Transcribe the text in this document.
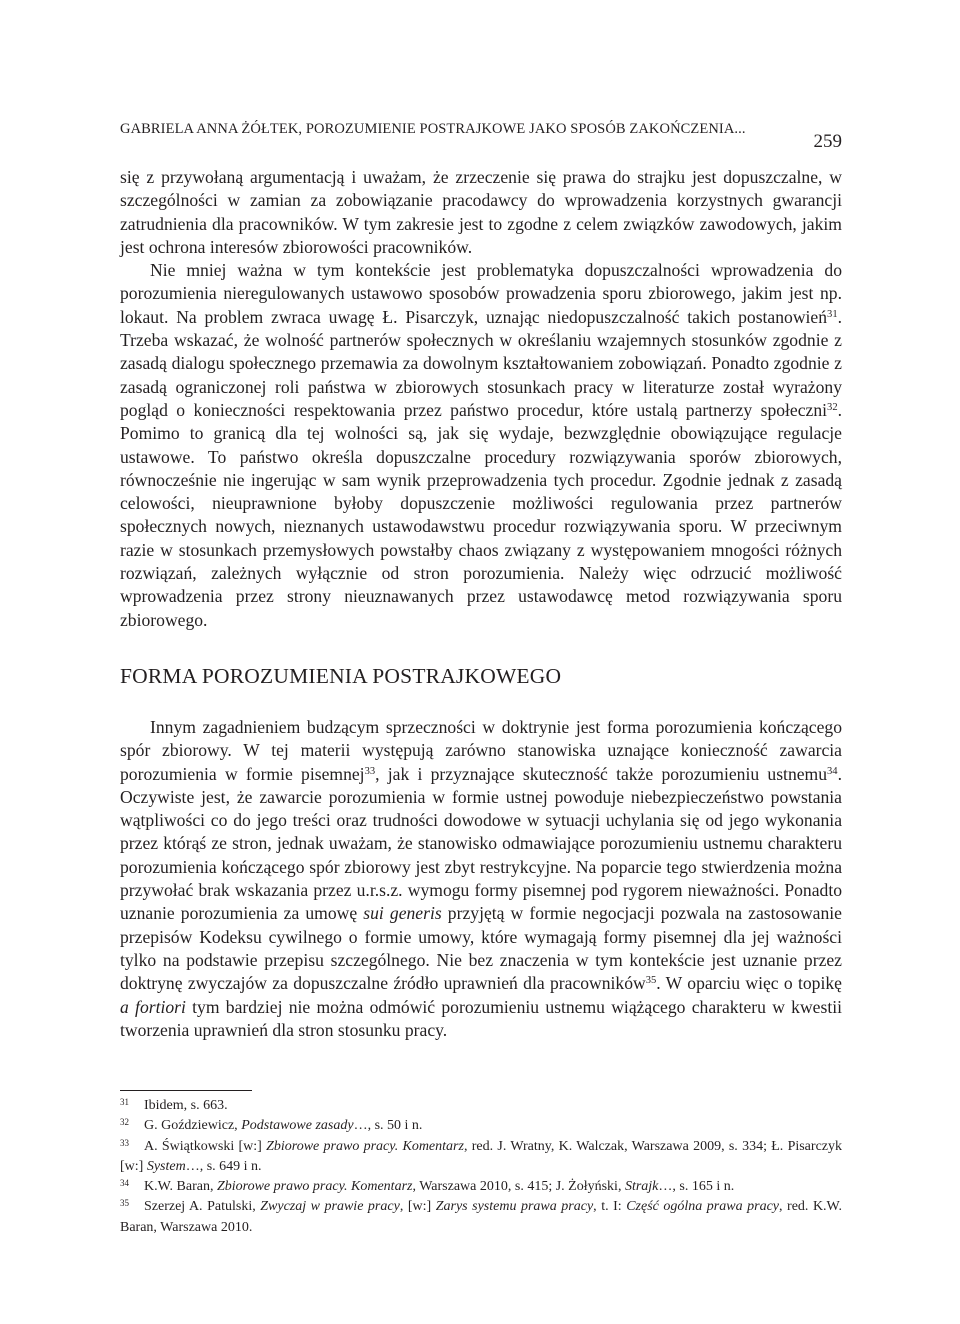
GABRIELA ANNA ŻÓŁTEK, POROZUMIENIE POSTRAJKOWE JAKO SPOSÓB ZAKOŃCZENIA...
259

się z przywołaną argumentacją i uważam, że zrzeczenie się prawa do strajku jest dopuszczalne, w szczególności w zamian za zobowiązanie pracodawcy do wprowadzenia korzystnych gwarancji zatrudnienia dla pracowników. W tym zakresie jest to zgodne z celem związków zawodowych, jakim jest ochrona interesów zbiorowości pracowników.

Nie mniej ważna w tym kontekście jest problematyka dopuszczalności wprowadzenia do porozumienia nieregulowanych ustawowo sposobów prowadzenia sporu zbiorowego, jakim jest np. lokaut. Na problem zwraca uwagę Ł. Pisarczyk, uznając niedopuszczalność takich postanowień$^{31}$. Trzeba wskazać, że wolność partnerów społecznych w określaniu wzajemnych stosunków zgodnie z zasadą dialogu społecznego przemawia za dowolnym kształtowaniem zobowiązań. Ponadto zgodnie z zasadą ograniczonej roli państwa w zbiorowych stosunkach pracy w literaturze został wyrażony pogląd o konieczności respektowania przez państwo procedur, które ustalą partnerzy społeczni$^{32}$. Pomimo to granicą dla tej wolności są, jak się wydaje, bezwzględnie obowiązujące regulacje ustawowe. To państwo określa dopuszczalne procedury rozwiązywania sporów zbiorowych, równocześnie nie ingerując w sam wynik przeprowadzenia tych procedur. Zgodnie jednak z zasadą celowości, nieuprawnione byłoby dopuszczenie możliwości regulowania przez partnerów społecznych nowych, nieznanych ustawodawstwu procedur rozwiązywania sporu. W przeciwnym razie w stosunkach przemysłowych powstałby chaos związany z występowaniem mnogości różnych rozwiązań, zależnych wyłącznie od stron porozumienia. Należy więc odrzucić możliwość wprowadzenia przez strony nieuznawanych przez ustawodawcę metod rozwiązywania sporu zbiorowego.

FORMA POROZUMIENIA POSTRAJKOWEGO

Innym zagadnieniem budzącym sprzeczności w doktrynie jest forma porozumienia kończącego spór zbiorowy. W tej materii występują zarówno stanowiska uznające konieczność zawarcia porozumienia w formie pisemnej$^{33}$, jak i przyznające skuteczność także porozumieniu ustnemu$^{34}$. Oczywiste jest, że zawarcie porozumienia w formie ustnej powoduje niebezpieczeństwo powstania wątpliwości co do jego treści oraz trudności dowodowe w sytuacji uchylania się od jego wykonania przez którąś ze stron, jednak uważam, że stanowisko odmawiające porozumieniu ustnemu charakteru porozumienia kończącego spór zbiorowy jest zbyt restrykcyjne. Na poparcie tego stwierdzenia można przywołać brak wskazania przez u.r.s.z. wymogu formy pisemnej pod rygorem nieważności. Ponadto uznanie porozumienia za umowę sui generis przyjętą w formie negocjacji pozwala na zastosowanie przepisów Kodeksu cywilnego o formie umowy, które wymagają formy pisemnej dla jej ważności tylko na podstawie przepisu szczególnego. Nie bez znaczenia w tym kontekście jest uznanie przez doktrynę zwyczajów za dopuszczalne źródło uprawnień dla pracowników$^{35}$. W oparciu więc o topikę a fortiori tym bardziej nie można odmówić porozumieniu ustnemu wiążącego charakteru w kwestii tworzenia uprawnień dla stron stosunku pracy.

31 Ibidem, s. 663.
32 G. Goździewicz, Podstawowe zasady…, s. 50 i n.
33 A. Świątkowski [w:] Zbiorowe prawo pracy. Komentarz, red. J. Wratny, K. Walczak, Warszawa 2009, s. 334; Ł. Pisarczyk [w:] System…, s. 649 i n.
34 K.W. Baran, Zbiorowe prawo pracy. Komentarz, Warszawa 2010, s. 415; J. Żołyński, Strajk…, s. 165 i n.
35 Szerzej A. Patulski, Zwyczaj w prawie pracy, [w:] Zarys systemu prawa pracy, t. I: Część ogólna prawa pracy, red. K.W. Baran, Warszawa 2010.
